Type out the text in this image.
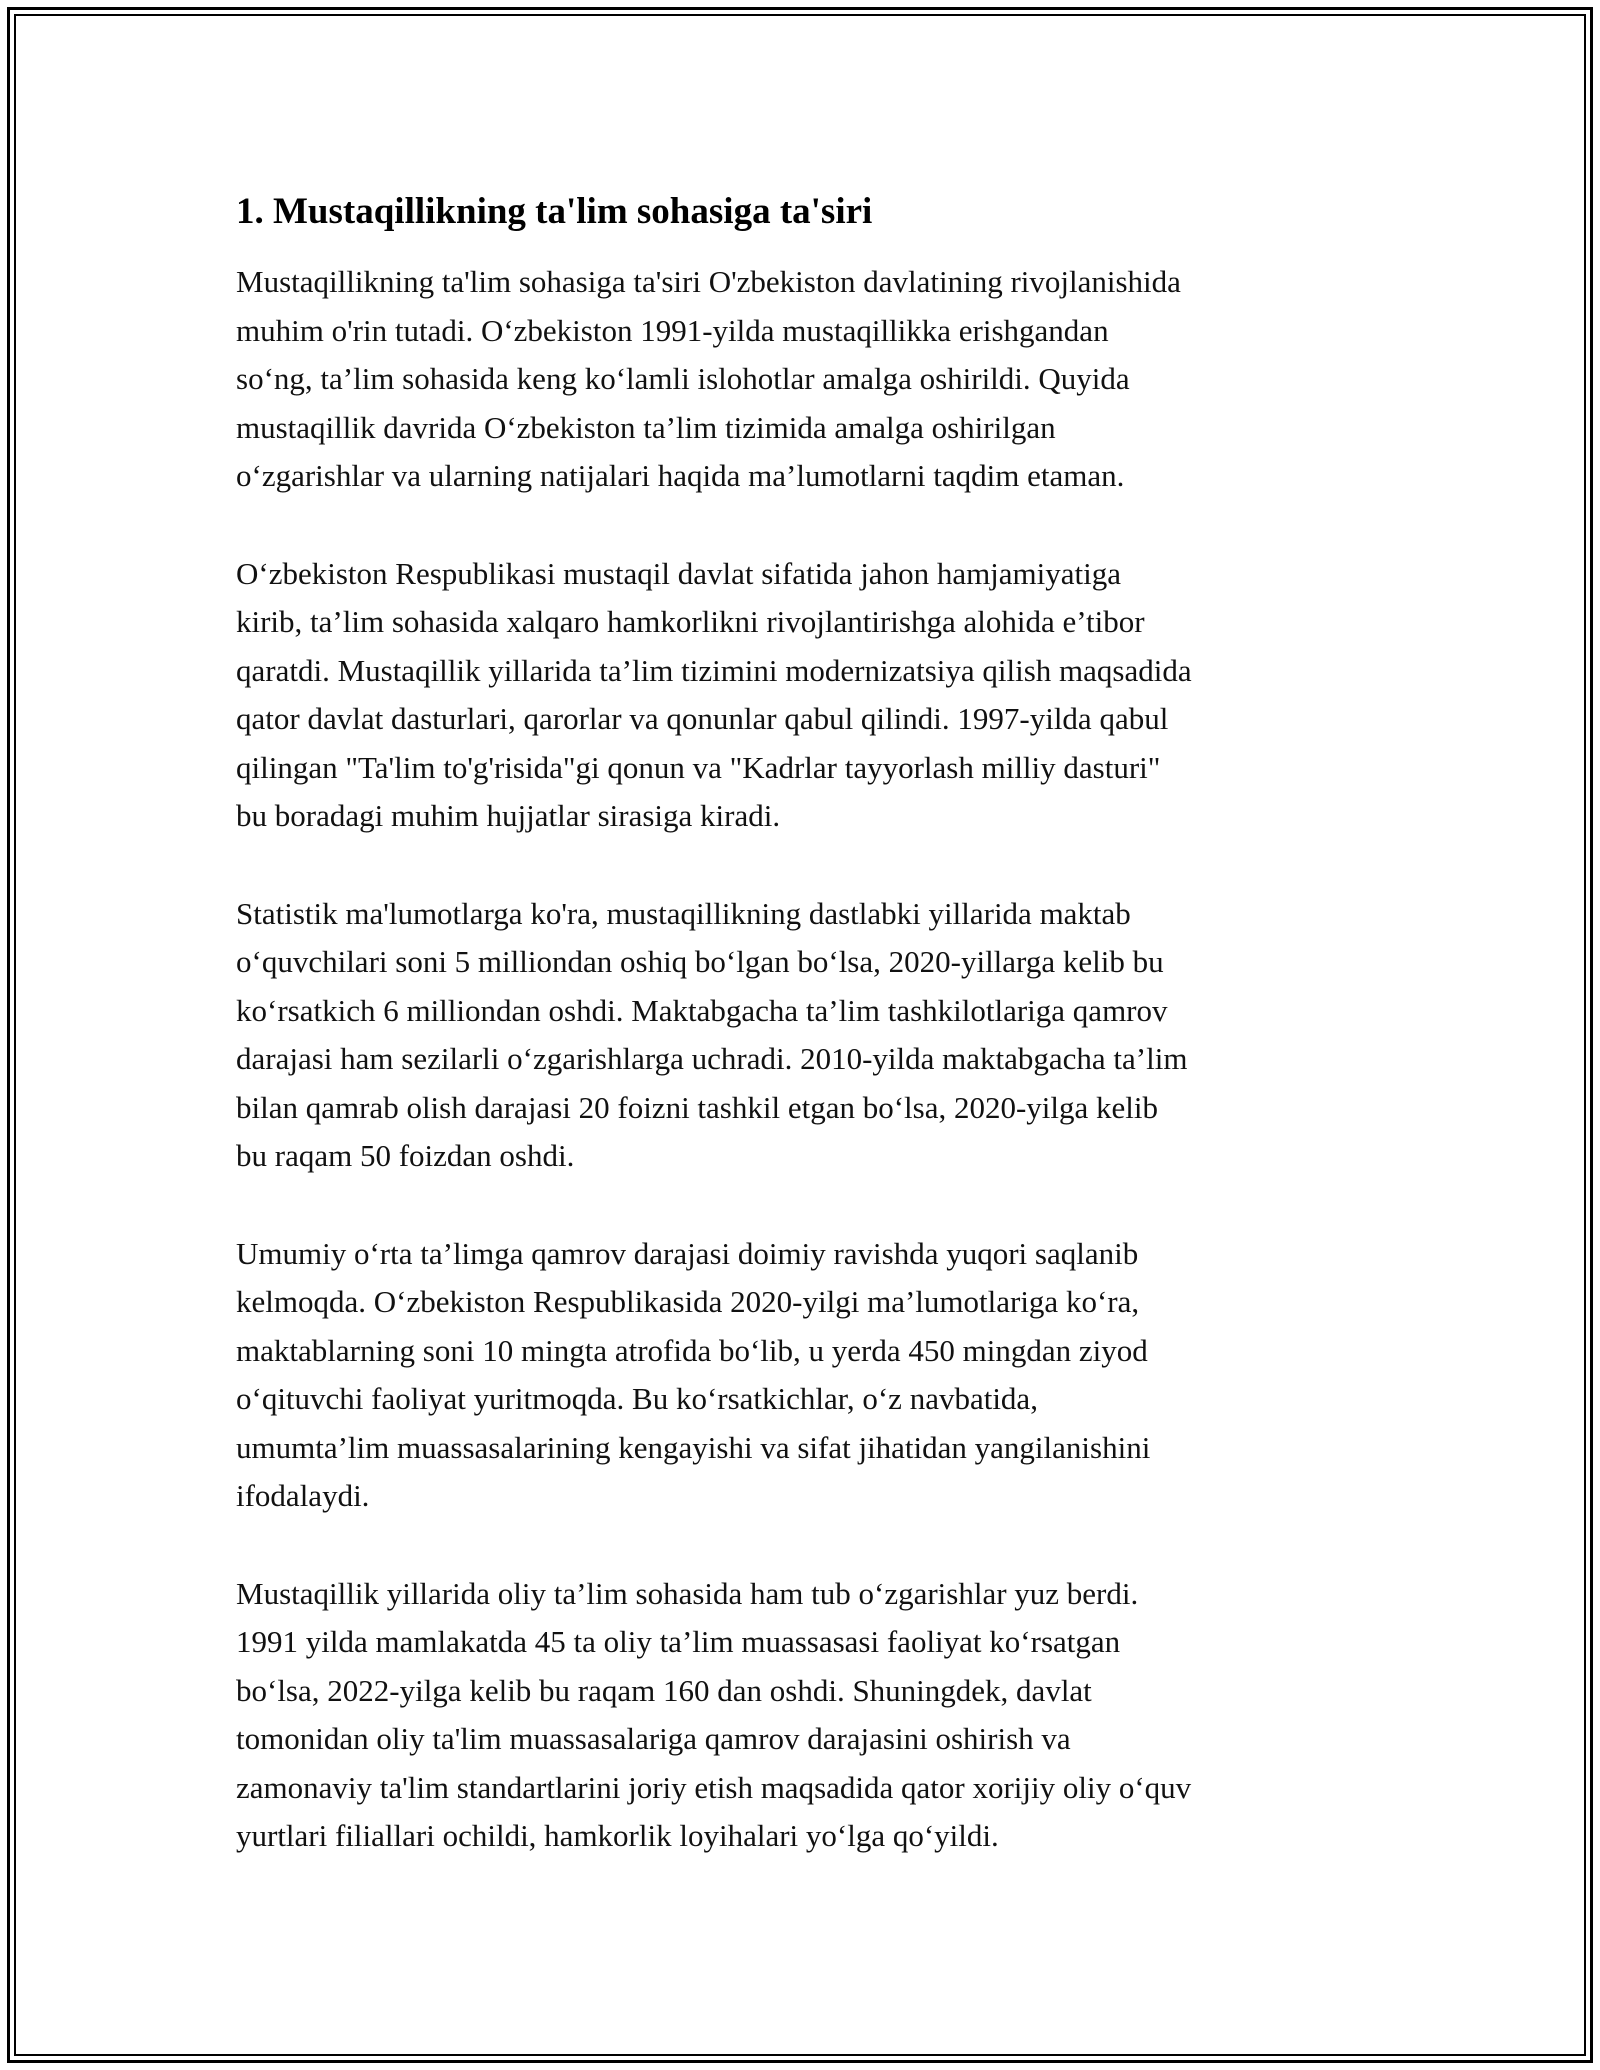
1. Mustaqillikning ta'lim sohasiga ta'siri

Mustaqillikning ta'lim sohasiga ta'siri O'zbekiston davlatining rivojlanishida
muhim o'rin tutadi. O‘zbekiston 1991-yilda mustaqillikka erishgandan
so‘ng, ta’lim sohasida keng ko‘lamli islohotlar amalga oshirildi. Quyida
mustaqillik davrida O‘zbekiston ta’lim tizimida amalga oshirilgan
o‘zgarishlar va ularning natijalari haqida ma’lumotlarni taqdim etaman.

O‘zbekiston Respublikasi mustaqil davlat sifatida jahon hamjamiyatiga
kirib, ta’lim sohasida xalqaro hamkorlikni rivojlantirishga alohida e’tibor
qaratdi. Mustaqillik yillarida ta’lim tizimini modernizatsiya qilish maqsadida
qator davlat dasturlari, qarorlar va qonunlar qabul qilindi. 1997-yilda qabul
qilingan "Ta'lim to'g'risida"gi qonun va "Kadrlar tayyorlash milliy dasturi"
bu boradagi muhim hujjatlar sirasiga kiradi.

Statistik ma'lumotlarga ko'ra, mustaqillikning dastlabki yillarida maktab
o‘quvchilari soni 5 milliondan oshiq bo‘lgan bo‘lsa, 2020-yillarga kelib bu
ko‘rsatkich 6 milliondan oshdi. Maktabgacha ta’lim tashkilotlariga qamrov
darajasi ham sezilarli o‘zgarishlarga uchradi. 2010-yilda maktabgacha ta’lim
bilan qamrab olish darajasi 20 foizni tashkil etgan bo‘lsa, 2020-yilga kelib
bu raqam 50 foizdan oshdi.

Umumiy o‘rta ta’limga qamrov darajasi doimiy ravishda yuqori saqlanib
kelmoqda. O‘zbekiston Respublikasida 2020-yilgi ma’lumotlariga ko‘ra,
maktablarning soni 10 mingta atrofida bo‘lib, u yerda 450 mingdan ziyod
o‘qituvchi faoliyat yuritmoqda. Bu ko‘rsatkichlar, o‘z navbatida,
umumta’lim muassasalarining kengayishi va sifat jihatidan yangilanishini
ifodalaydi.

Mustaqillik yillarida oliy ta’lim sohasida ham tub o‘zgarishlar yuz berdi.
1991 yilda mamlakatda 45 ta oliy ta’lim muassasasi faoliyat ko‘rsatgan
bo‘lsa, 2022-yilga kelib bu raqam 160 dan oshdi. Shuningdek, davlat
tomonidan oliy ta'lim muassasalariga qamrov darajasini oshirish va
zamonaviy ta'lim standartlarini joriy etish maqsadida qator xorijiy oliy o‘quv
yurtlari filiallari ochildi, hamkorlik loyihalari yo‘lga qo‘yildi.
